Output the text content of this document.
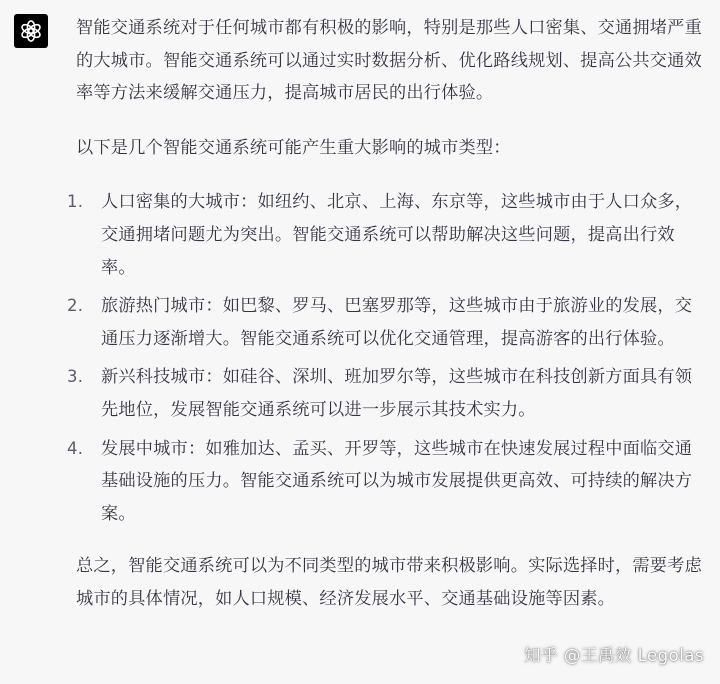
智能交通系统对于任何城市都有积极的影响，特别是那些人口密集、交通拥堵严重的大城市。智能交通系统可以通过实时数据分析、优化路线规划、提高公共交通效率等方法来缓解交通压力，提高城市居民的出行体验。

以下是几个智能交通系统可能产生重大影响的城市类型：

1. 人口密集的大城市：如纽约、北京、上海、东京等，这些城市由于人口众多，交通拥堵问题尤为突出。智能交通系统可以帮助解决这些问题，提高出行效率。
2. 旅游热门城市：如巴黎、罗马、巴塞罗那等，这些城市由于旅游业的发展，交通压力逐渐增大。智能交通系统可以优化交通管理，提高游客的出行体验。
3. 新兴科技城市：如硅谷、深圳、班加罗尔等，这些城市在科技创新方面具有领先地位，发展智能交通系统可以进一步展示其技术实力。
4. 发展中城市：如雅加达、孟买、开罗等，这些城市在快速发展过程中面临交通基础设施的压力。智能交通系统可以为城市发展提供更高效、可持续的解决方案。

总之，智能交通系统可以为不同类型的城市带来积极影响。实际选择时，需要考虑城市的具体情况，如人口规模、经济发展水平、交通基础设施等因素。

知乎 @王禹效 Legolas
